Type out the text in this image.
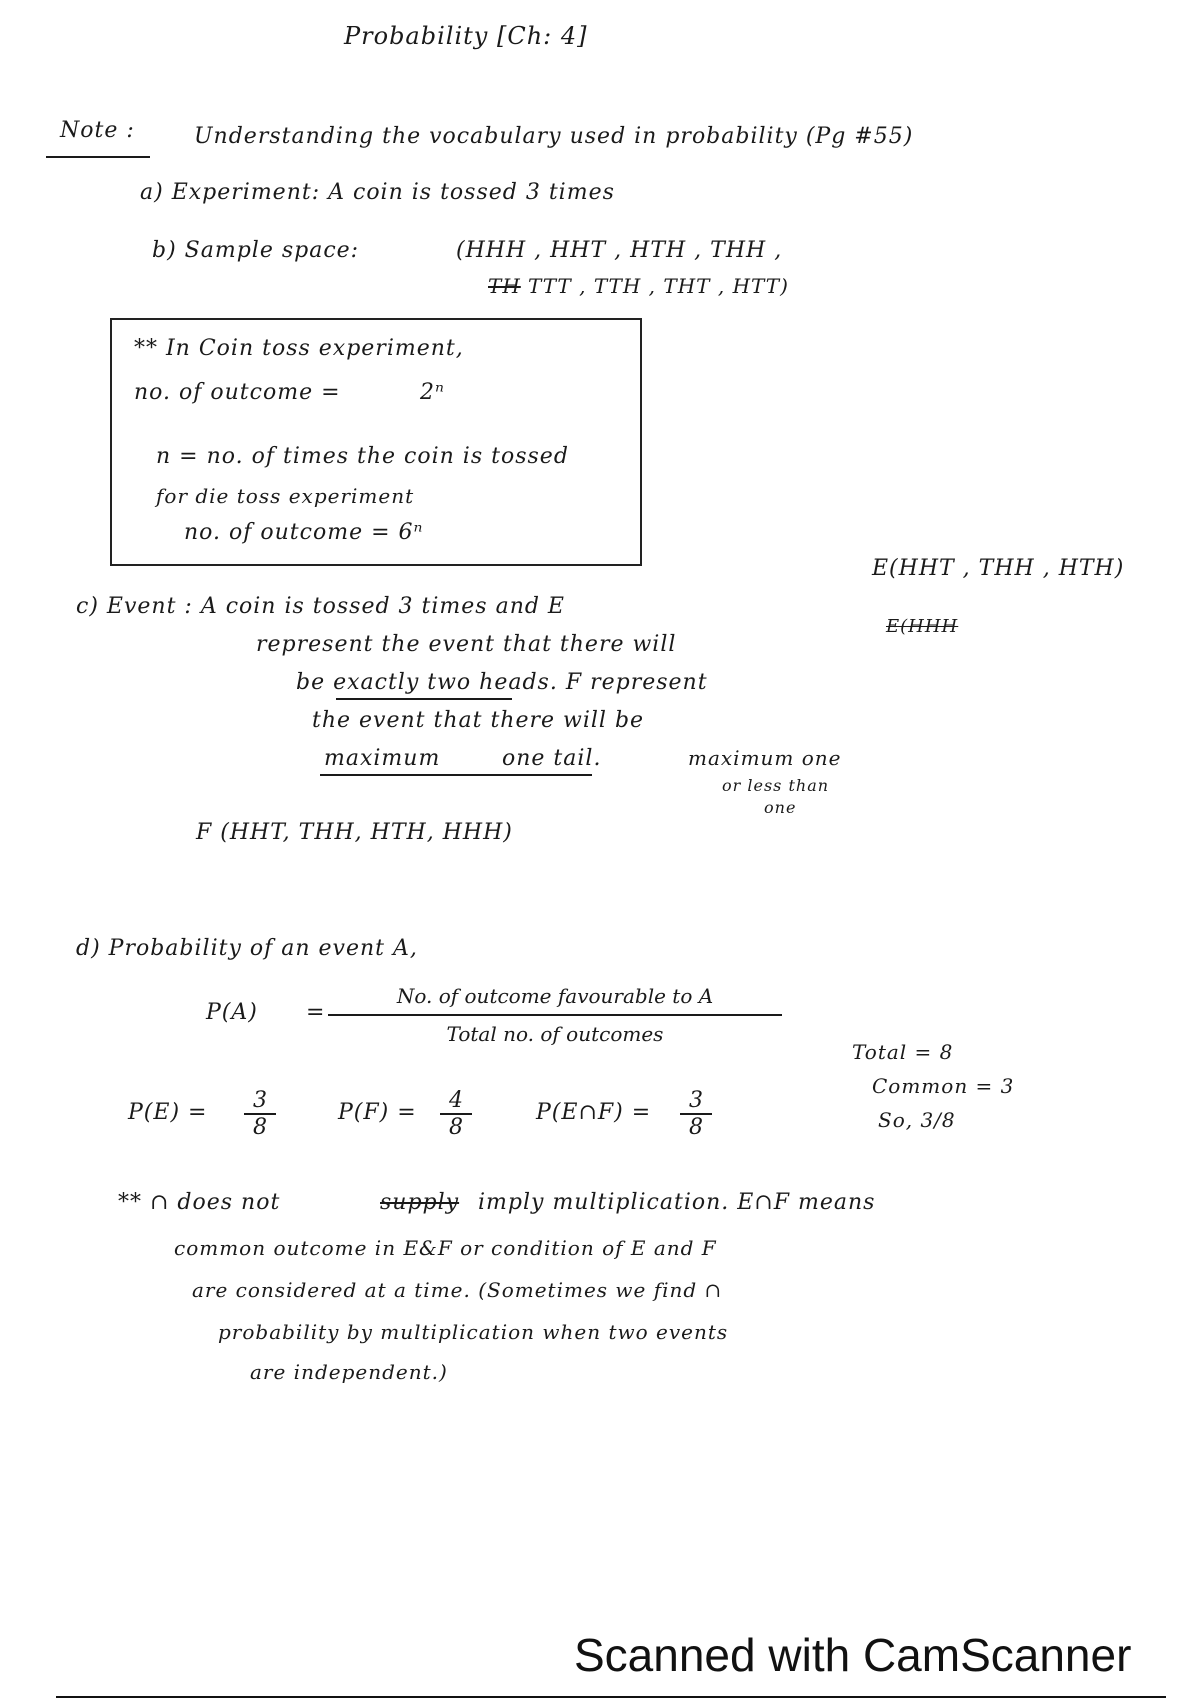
Probability [Ch: 4]
Note :	Understanding the vocabulary used in probability (Pg #55)
a) Experiment: A coin is tossed 3 times
b) Sample space:	(HHH , HHT , HTH , THH ,
TH TTT , TTH , THT , HTT)
** In Coin toss experiment,
no. of outcome =	2ⁿ
n = no. of times the coin is tossed
for die toss experiment
no. of outcome = 6ⁿ
E(HHT , THH , HTH)
E(HHH
c) Event : A coin is tossed 3 times and E
represent the event that there will
be exactly two heads. F represent
the event that there will be
maximum	one tail.	maximum one
or less than
one
F (HHT, THH, HTH, HHH)
d) Probability of an event A,
P(A) =
No. of outcome favourable to A
Total no. of outcomes
P(E) = 3
8
P(F) = 4
8
P(E∩F) = 3
8
Total = 8
Common = 3
So, 3/8
** ∩ does not	supply imply multiplication. E∩F means
common outcome in E&F or condition of E and F
are considered at a time. (Sometimes we find ∩
probability by multiplication when two events
are independent.)
Scanned with CamScanner
